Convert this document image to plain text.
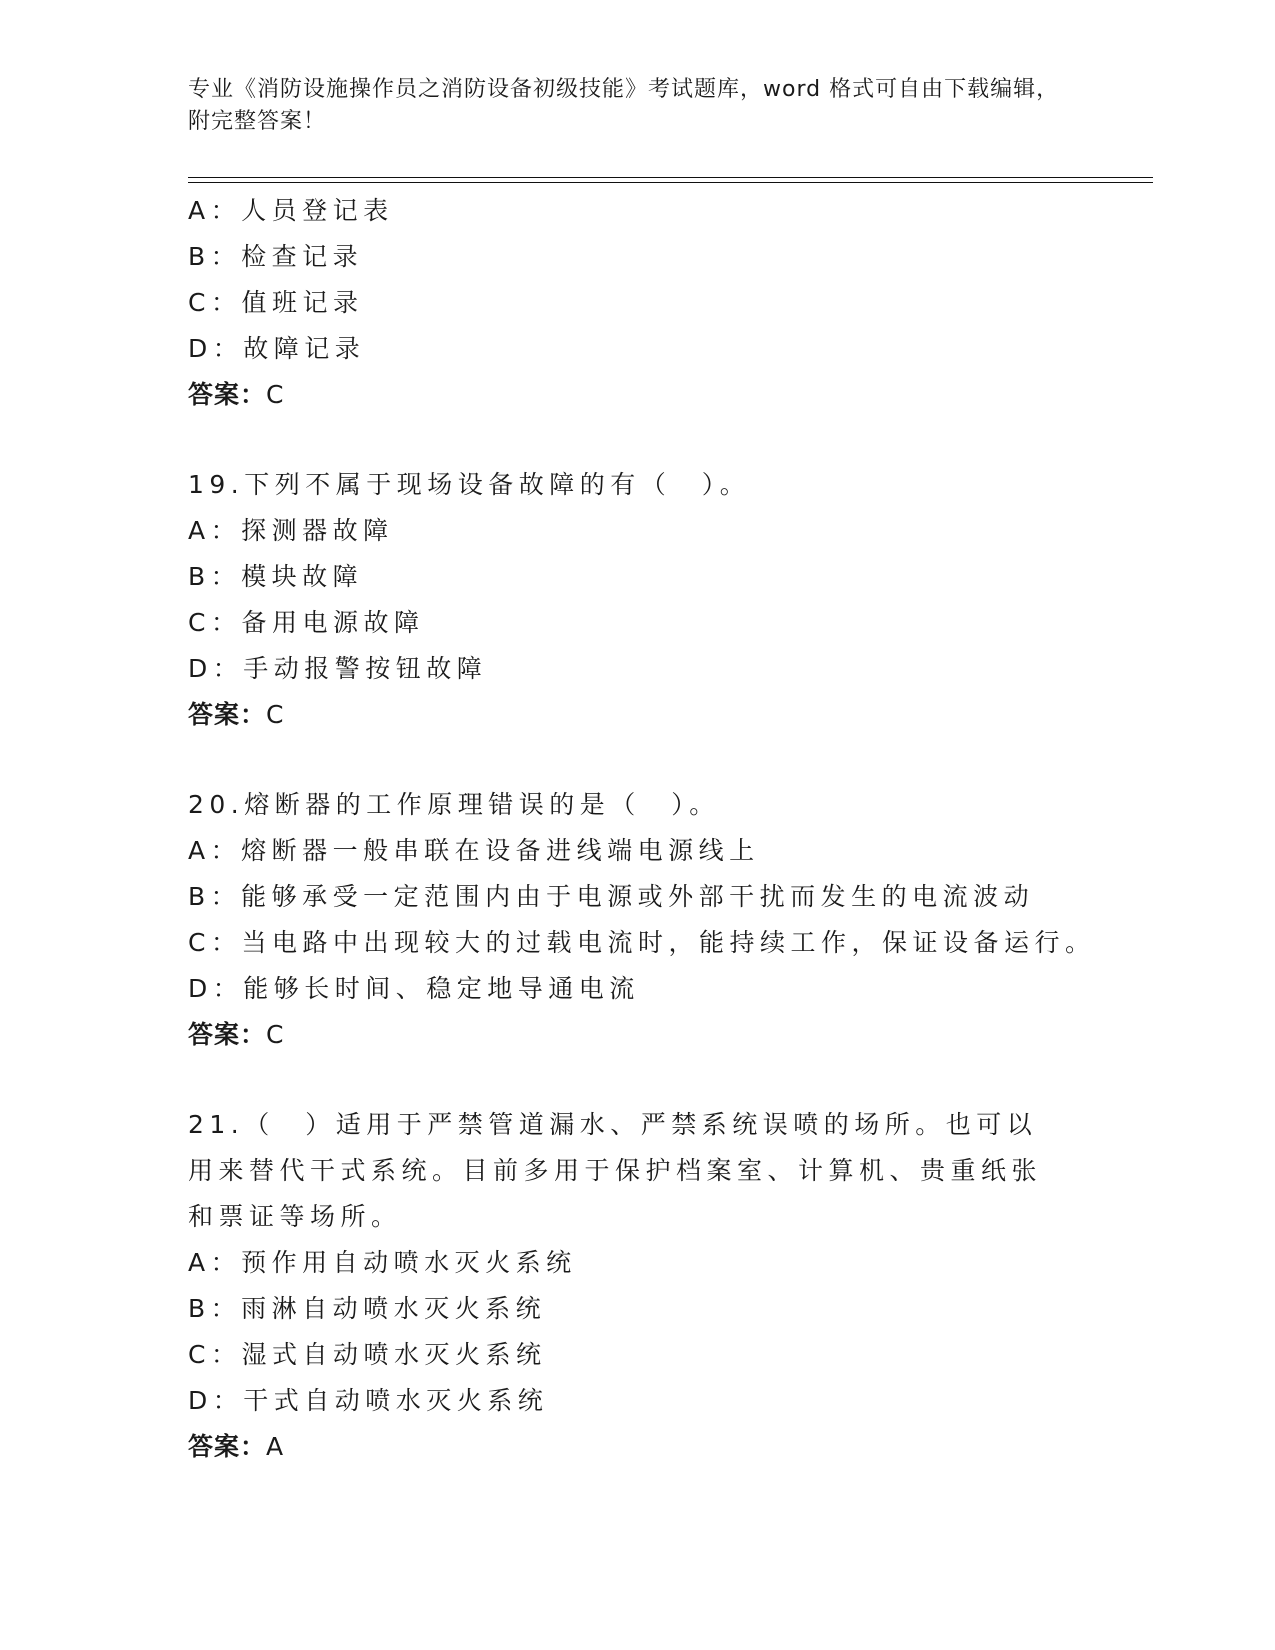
专业《消防设施操作员之消防设备初级技能》考试题库，word 格式可自由下载编辑，附完整答案！

A：人员登记表

B：检查记录

C：值班记录

D：故障记录

答案：C

19.下列不属于现场设备故障的有（　）。

A：探测器故障

B：模块故障

C：备用电源故障

D：手动报警按钮故障

答案：C

20.熔断器的工作原理错误的是（　）。

A：熔断器一般串联在设备进线端电源线上

B：能够承受一定范围内由于电源或外部干扰而发生的电流波动

C：当电路中出现较大的过载电流时，能持续工作，保证设备运行。

D：能够长时间、稳定地导通电流

答案：C

21.（　）适用于严禁管道漏水、严禁系统误喷的场所。也可以用来替代干式系统。目前多用于保护档案室、计算机、贵重纸张和票证等场所。

A：预作用自动喷水灭火系统

B：雨淋自动喷水灭火系统

C：湿式自动喷水灭火系统

D：干式自动喷水灭火系统

答案：A
